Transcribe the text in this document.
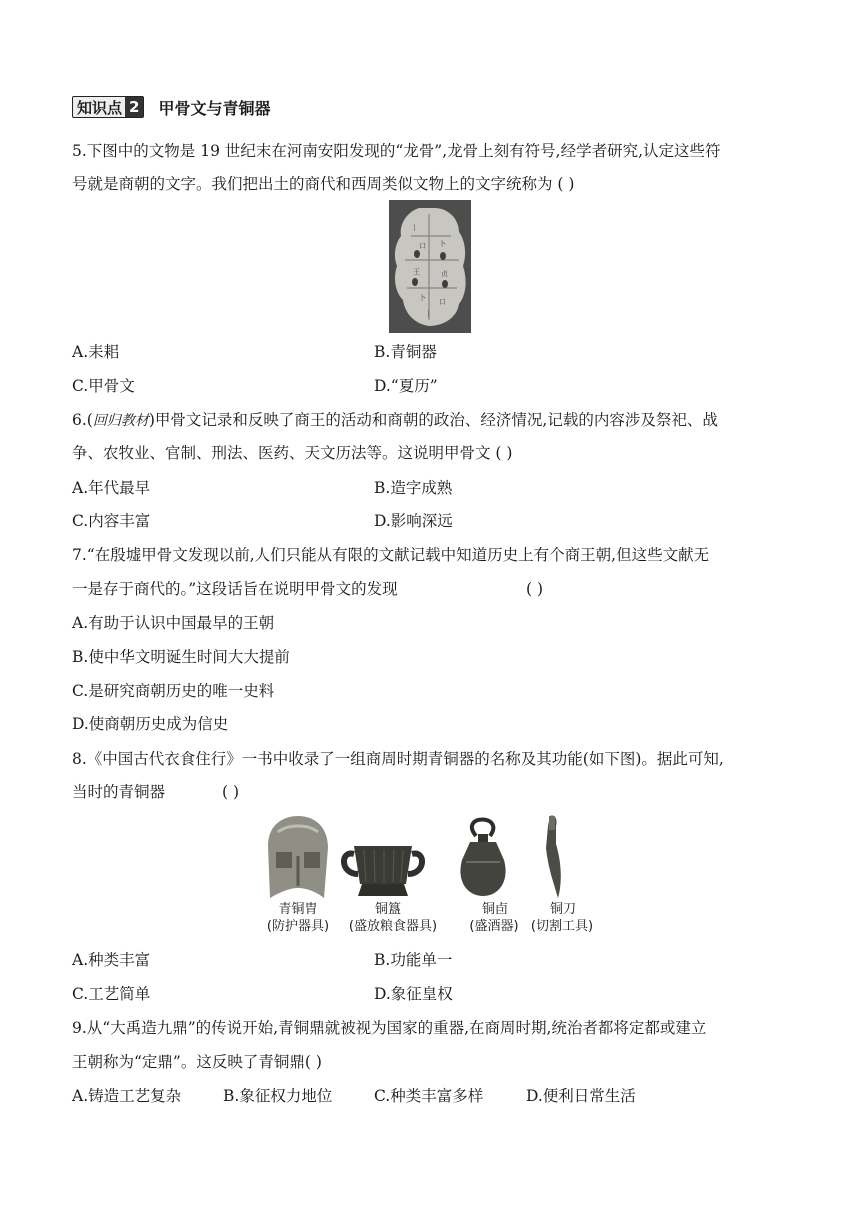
知识点 2 甲骨文与青铜器
5.下图中的文物是 19 世纪末在河南安阳发现的“龙骨”,龙骨上刻有符号,经学者研究,认定这些符
号就是商朝的文字。我们把出土的商代和西周类似文物上的文字统称为 ( )
丨
口 卜
王	贞
卜 口
丨
A.耒耜	B.青铜器
C.甲骨文	D.“夏历”
6.(回归教材)甲骨文记录和反映了商王的活动和商朝的政治、经济情况,记载的内容涉及祭祀、战
争、农牧业、官制、刑法、医药、天文历法等。这说明甲骨文 ( )
A.年代最早	B.造字成熟
C.内容丰富	D.影响深远
7.“在殷墟甲骨文发现以前,人们只能从有限的文献记载中知道历史上有个商王朝,但这些文献无
一是存于商代的。”这段话旨在说明甲骨文的发现	( )
A.有助于认识中国最早的王朝
B.使中华文明诞生时间大大提前
C.是研究商朝历史的唯一史料
D.使商朝历史成为信史
8.《中国古代衣食住行》一书中收录了一组商周时期青铜器的名称及其功能(如下图)。据此可知,
当时的青铜器	( )
青铜胄
(防护器具)
铜簋
(盛放粮食器具)
铜卣
(盛酒器)
铜刀
(切割工具)
A.种类丰富	B.功能单一
C.工艺简单	D.象征皇权
9.从“大禹造九鼎”的传说开始,青铜鼎就被视为国家的重器,在商周时期,统治者都将定都或建立
王朝称为“定鼎”。这反映了青铜鼎( )
A.铸造工艺复杂	B.象征权力地位	C.种类丰富多样	D.便利日常生活
